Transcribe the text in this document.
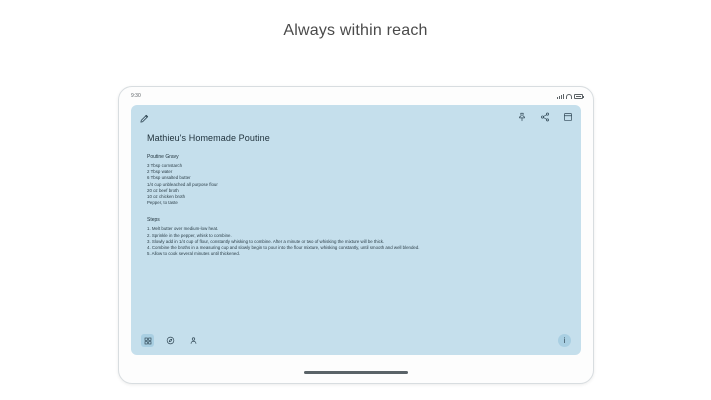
Always within reach
9:30
Mathieu's Homemade Poutine
Poutine Gravy
3 Tbsp cornstarch
2 Tbsp water
6 Tbsp unsalted butter
1/4 cup unbleached all purpose flour
20 oz beef broth
10 oz chicken broth
Pepper, to taste
Steps
1. Melt butter over medium-low heat.
2. Sprinkle in the pepper, whisk to combine.
3. Slowly add in 1/4 cup of flour, constantly whisking to combine. After a minute or two of whisking the mixture will be thick.
4. Combine the broths in a measuring cup and slowly begin to pour into the flour mixture, whisking constantly, until smooth and well blended.
5. Allow to cook several minutes until thickened.
i
